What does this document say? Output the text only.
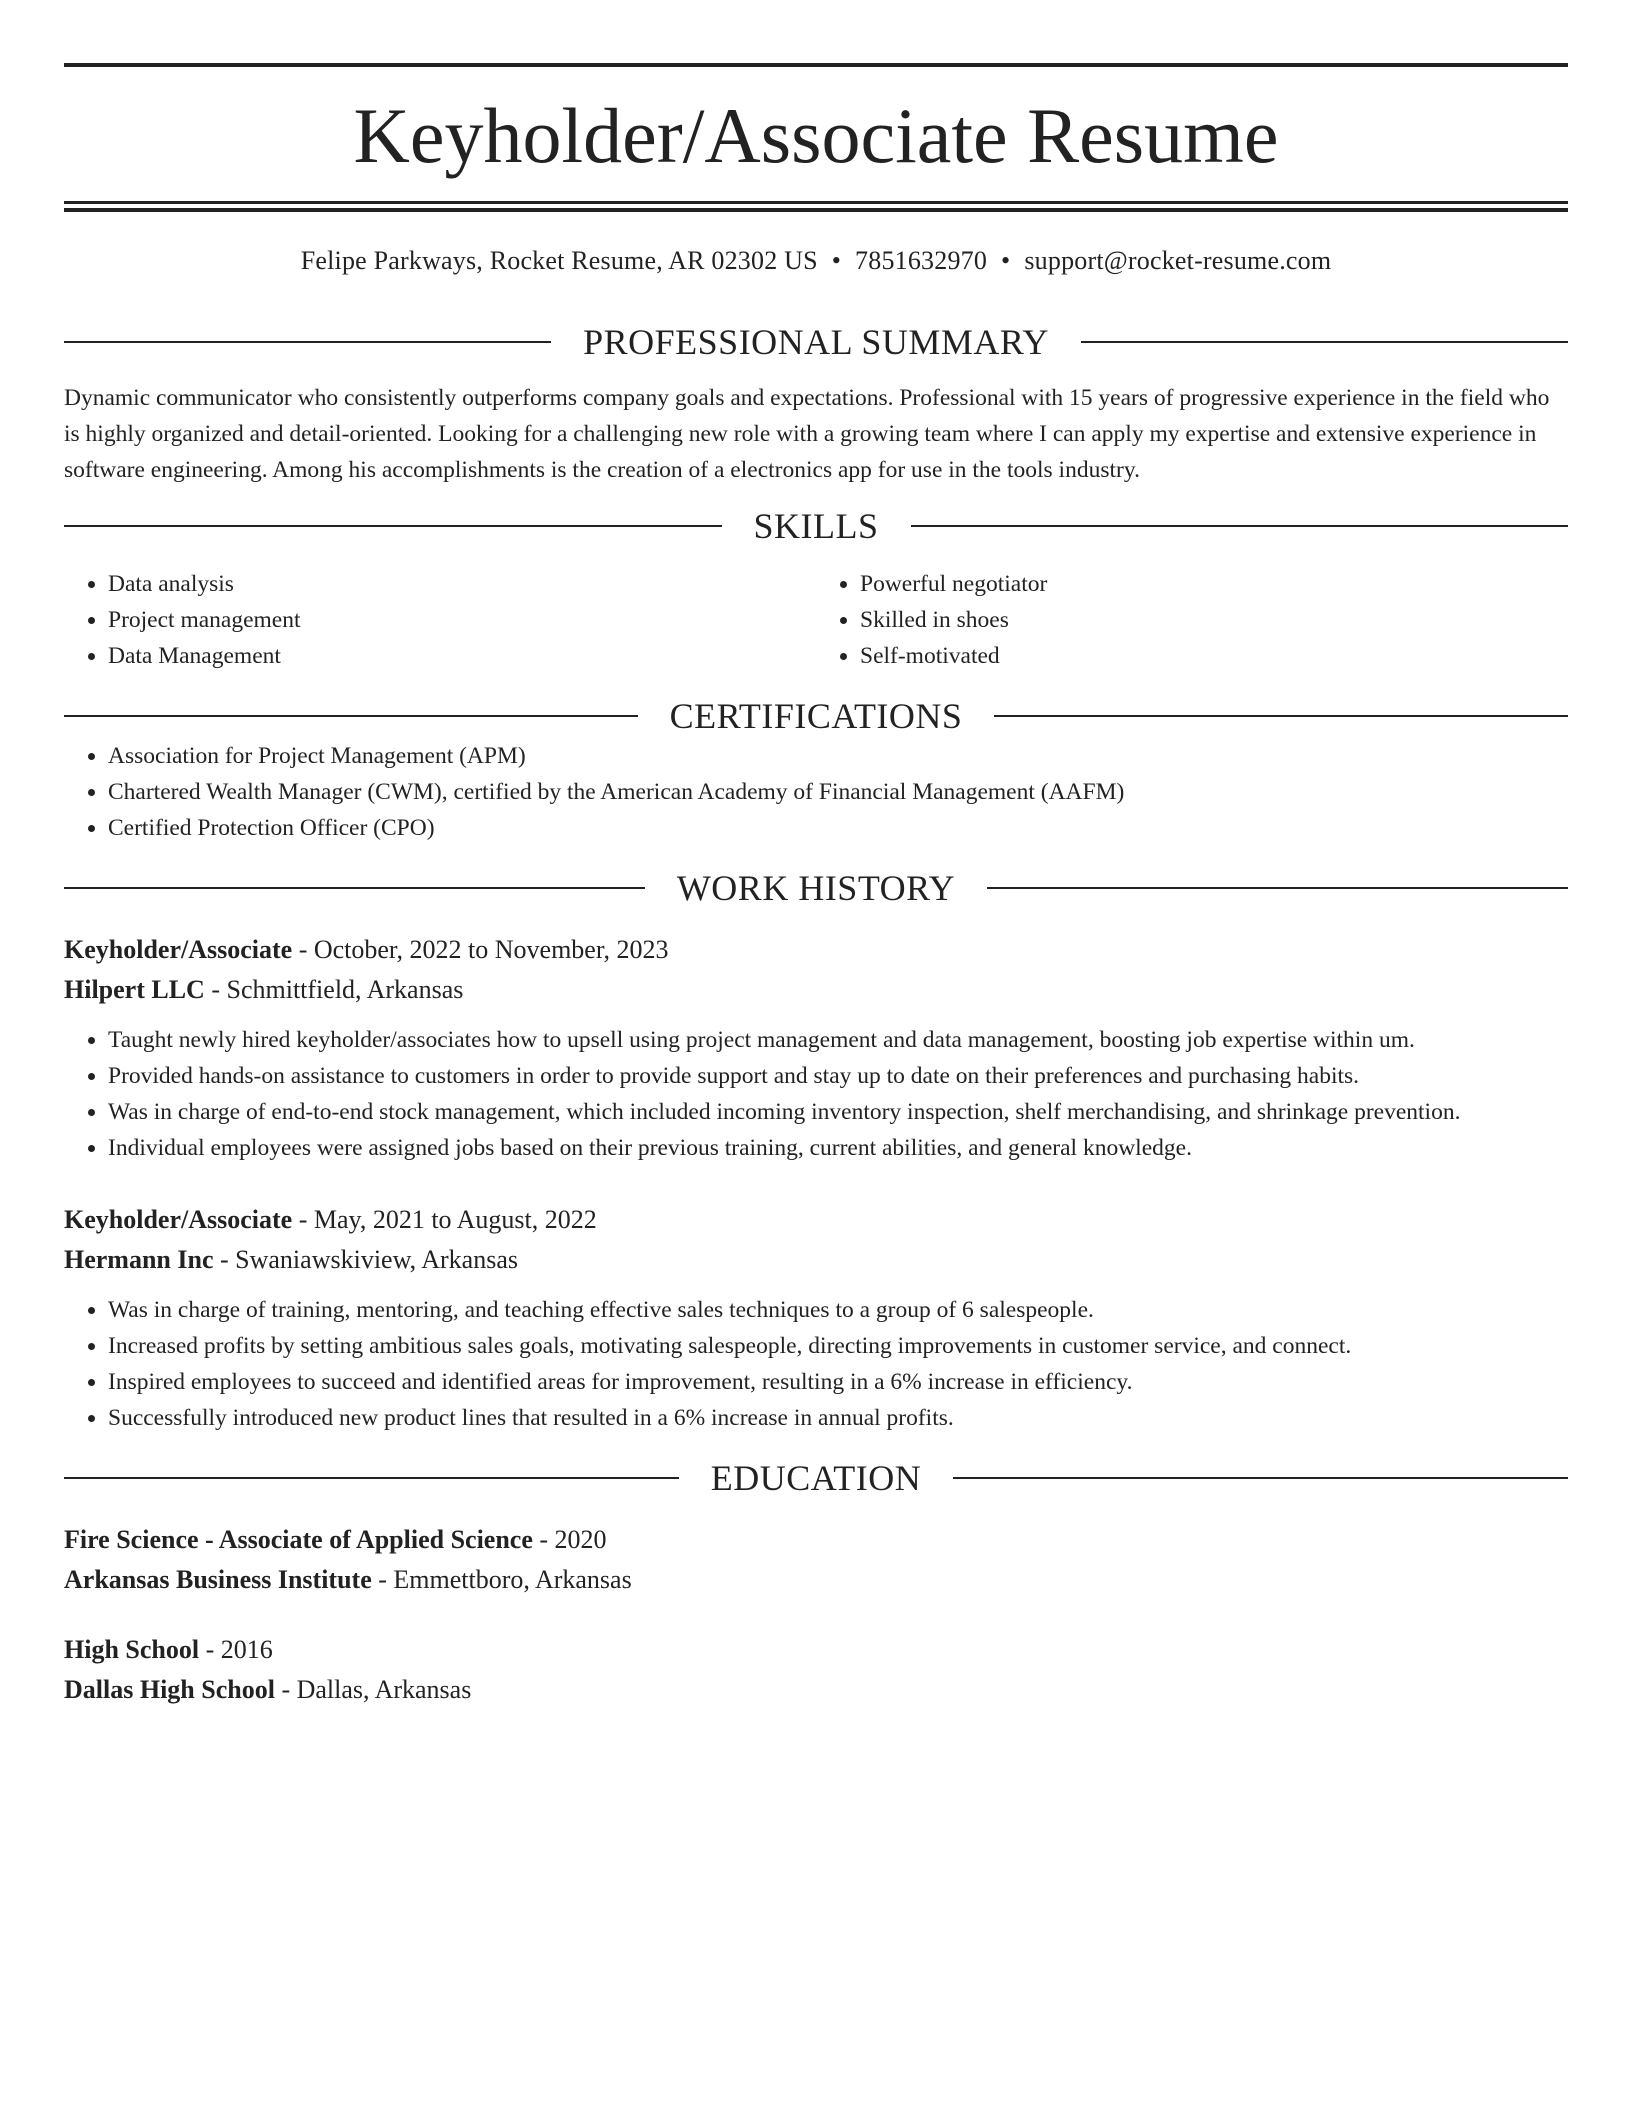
Keyholder/Associate Resume
Felipe Parkways, Rocket Resume, AR 02302 US • 7851632970 • support@rocket-resume.com
PROFESSIONAL SUMMARY

Dynamic communicator who consistently outperforms company goals and expectations. Professional with 15 years of progressive experience in the field who is highly organized and detail-oriented. Looking for a challenging new role with a growing team where I can apply my expertise and extensive experience in software engineering. Among his accomplishments is the creation of a electronics app for use in the tools industry.

SKILLS
• Data analysis
• Project management
• Data Management
• Powerful negotiator
• Skilled in shoes
• Self-motivated
CERTIFICATIONS
• Association for Project Management (APM)
• Chartered Wealth Manager (CWM), certified by the American Academy of Financial Management (AAFM)
• Certified Protection Officer (CPO)
WORK HISTORY
Keyholder/Associate - October, 2022 to November, 2023
Hilpert LLC - Schmittfield, Arkansas
• Taught newly hired keyholder/associates how to upsell using project management and data management, boosting job expertise within um.
• Provided hands-on assistance to customers in order to provide support and stay up to date on their preferences and purchasing habits.
• Was in charge of end-to-end stock management, which included incoming inventory inspection, shelf merchandising, and shrinkage prevention.
• Individual employees were assigned jobs based on their previous training, current abilities, and general knowledge.
Keyholder/Associate - May, 2021 to August, 2022
Hermann Inc - Swaniawskiview, Arkansas
• Was in charge of training, mentoring, and teaching effective sales techniques to a group of 6 salespeople.
• Increased profits by setting ambitious sales goals, motivating salespeople, directing improvements in customer service, and connect.
• Inspired employees to succeed and identified areas for improvement, resulting in a 6% increase in efficiency.
• Successfully introduced new product lines that resulted in a 6% increase in annual profits.
EDUCATION
Fire Science - Associate of Applied Science - 2020
Arkansas Business Institute - Emmettboro, Arkansas
High School - 2016
Dallas High School - Dallas, Arkansas
